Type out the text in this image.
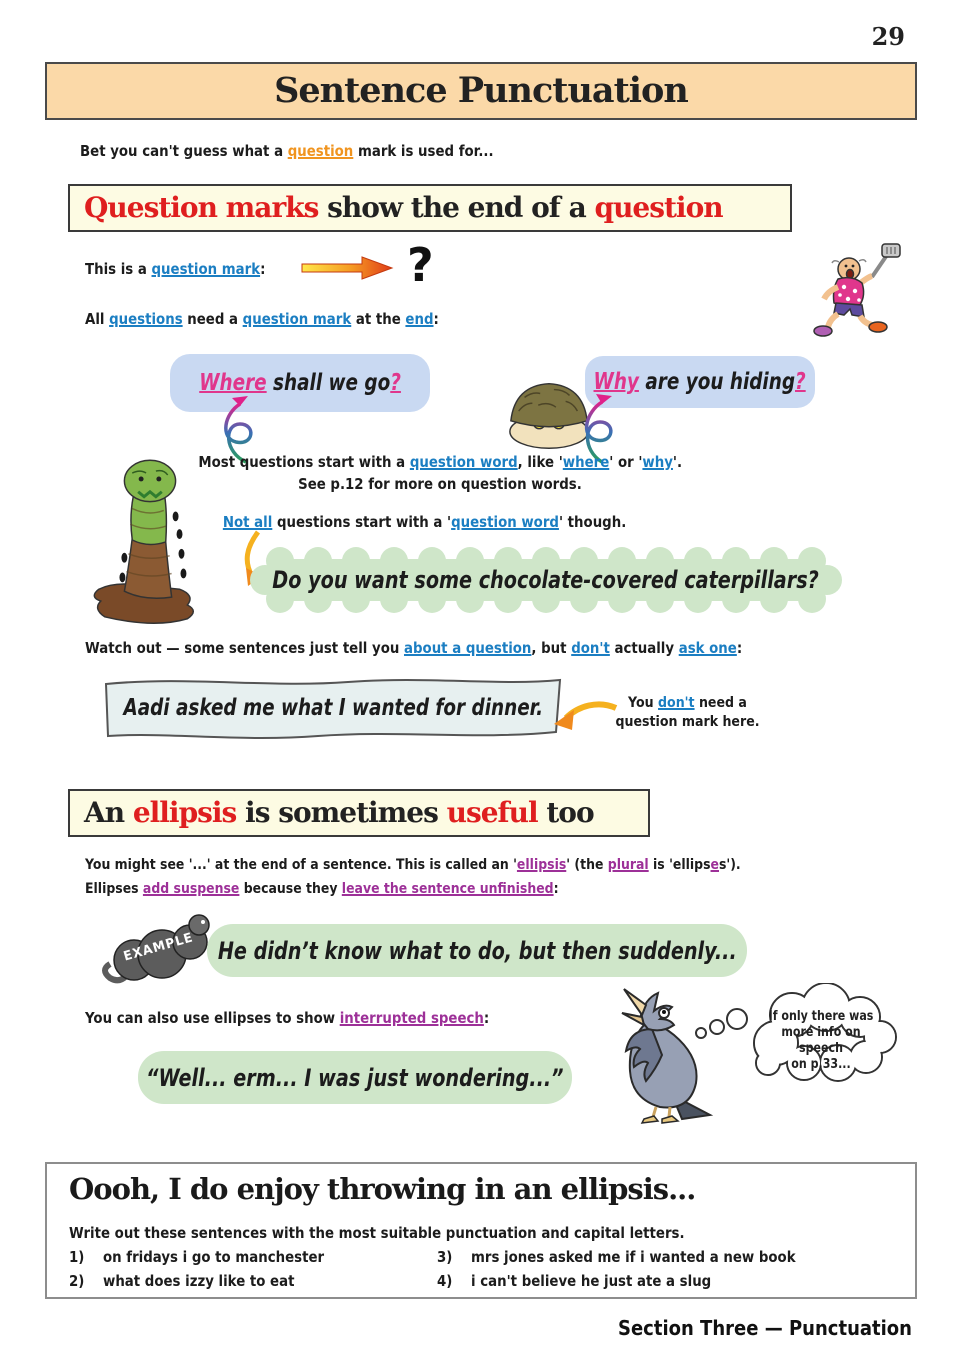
29
Sentence Punctuation
Bet you can't guess what a question mark is used for...
Question marks show the end of a question
This is a question mark:	?
All questions need a question mark at the end:
Where shall we go?	Why are you hiding?
Most questions start with a question word, like 'where' or 'why'.
See p.12 for more on question words.
Not all questions start with a 'question word' though.
Do you want some chocolate-covered caterpillars?
Watch out — some sentences just tell you about a question, but don't actually ask one:
Aadi asked me what I wanted for dinner.	You don't need a question mark here.
An ellipsis is sometimes useful too
You might see '...' at the end of a sentence. This is called an 'ellipsis' (the plural is 'ellipses').
Ellipses add suspense because they leave the sentence unfinished:
EXAMPLE He didn’t know what to do, but then suddenly...
You can also use ellipses to show interrupted speech:
“Well... erm... I was just wondering...”
If only there was
more info on speech
on p.33...
Oooh, I do enjoy throwing in an ellipsis...
Write out these sentences with the most suitable punctuation and capital letters.
1)	on fridays i go to manchester
2)	what does izzy like to eat
3)	mrs jones asked me if i wanted a new book
4)	i can't believe he just ate a slug
Section Three — Punctuation
